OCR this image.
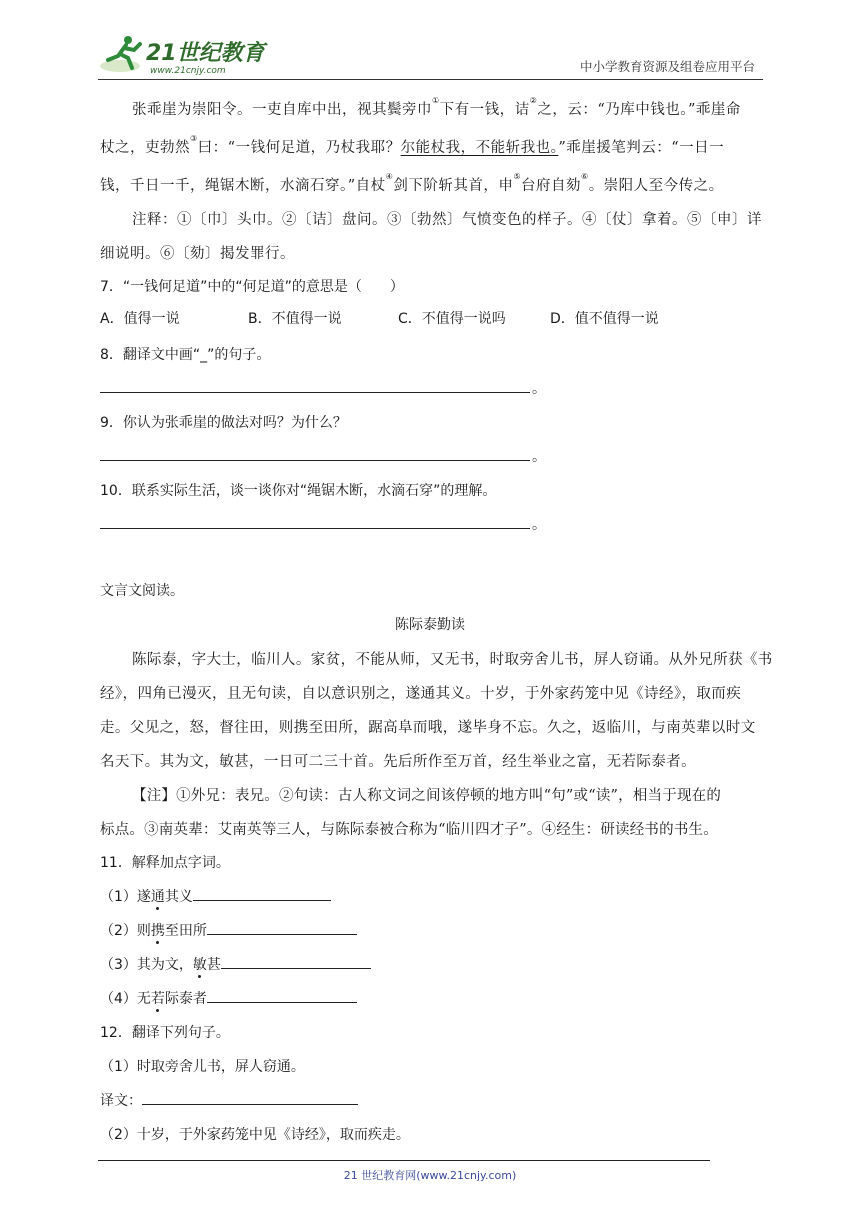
21世纪教育
www.21cnjy.com	中小学教育资源及组卷应用平台
张乖崖为崇阳令。一吏自库中出，视其鬓旁巾①下有一钱，诘②之，云：“乃库中钱也。”乖崖命
杖之，吏勃然③曰：“一钱何足道，乃杖我耶？尔能杖我，不能斩我也。”乖崖援笔判云：“一日一
钱，千日一千，绳锯木断，水滴石穿。”自杖④剑下阶斩其首，申⑤台府自劾⑥。崇阳人至今传之。
注释：①〔巾〕头巾。②〔诘〕盘问。③〔勃然〕气愤变色的样子。④〔仗〕拿着。⑤〔申〕详
细说明。⑥〔劾〕揭发罪行。
7．“一钱何足道”中的“何足道”的意思是（　　）
A．值得一说	B．不值得一说	C．不值得一说吗	D．值不值得一说
8．翻译文中画“_”的句子。
。
9．你认为张乖崖的做法对吗？为什么？
。
10．联系实际生活，谈一谈你对“绳锯木断，水滴石穿”的理解。
。
文言文阅读。
陈际泰勤读
陈际泰，字大士，临川人。家贫，不能从师，又无书，时取旁舍儿书，屏人窃诵。从外兄所获《书
经》，四角已漫灭，且无句读，自以意识别之，遂通其义。十岁，于外家药笼中见《诗经》，取而疾
走。父见之，怒，督往田，则携至田所，踞高阜而哦，遂毕身不忘。久之，返临川，与南英辈以时文
名天下。其为文，敏甚，一日可二三十首。先后所作至万首，经生举业之富，无若际泰者。
【注】①外兄：表兄。②句读：古人称文词之间该停顿的地方叫“句”或“读”，相当于现在的
标点。③南英辈：艾南英等三人，与陈际泰被合称为“临川四才子”。④经生：研读经书的书生。
11．解释加点字词。
（1）遂通其义
（2）则携至田所
（3）其为文，敏甚
（4）无若际泰者
12．翻译下列句子。
（1）时取旁舍儿书，屏人窃通。
译文：
（2）十岁，于外家药笼中见《诗经》，取而疾走。
21 世纪教育网(www.21cnjy.com)
